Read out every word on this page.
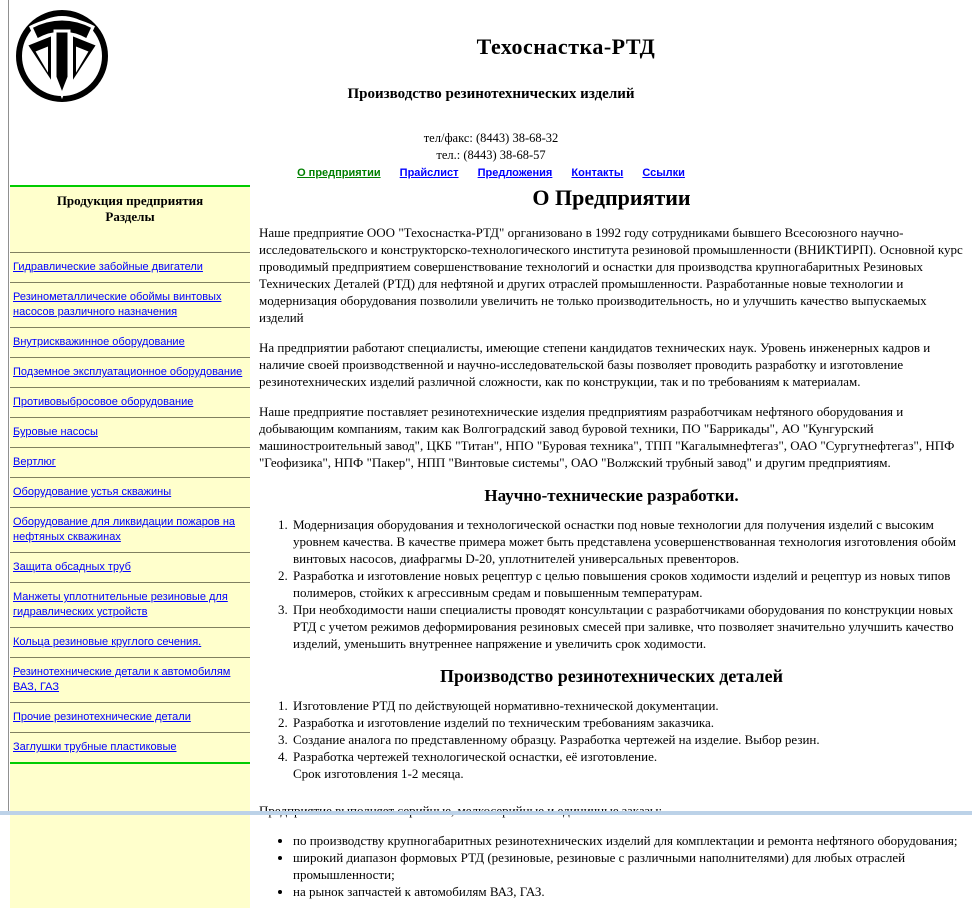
Техоснастка-РТД
Производство резинотехнических изделий
тел/факс: (8443) 38-68-32
тел.: (8443) 38-68-57
О предприятии Прайслист Предложения Контакты Ссылки
Продукция предприятия
Разделы
Гидравлические забойные двигатели
Резинометаллические обоймы винтовых насосов различного назначения
Внутрискважинное оборудование
Подземное эксплуатационное оборудование
Противовыбросовое оборудование
Буровые насосы
Вертлюг
Оборудование устья скважины
Оборудование для ликвидации пожаров на нефтяных скважинах
Защита обсадных труб
Манжеты уплотнительные резиновые для гидравлических устройств
Кольца резиновые круглого сечения.
Резинотехнические детали к автомобилям ВАЗ, ГАЗ
Прочие резинотехнические детали
Заглушки трубные пластиковые
О Предприятии

Наше предприятие ООО "Техоснастка-РТД" организовано в 1992 году сотрудниками бывшего Всесоюзного научно-исследовательского и конструкторско-технологического института резиновой промышленности (ВНИКТИРП). Основной курс проводимый предприятием совершенствование технологий и оснастки для производства крупногабаритных Резиновых Технических Деталей (РТД) для нефтяной и других отраслей промышленности. Разработанные новые технологии и модернизация оборудования позволили увеличить не только производительность, но и улучшить качество выпускаемых изделий

На предприятии работают специалисты, имеющие степени кандидатов технических наук. Уровень инженерных кадров и наличие своей производственной и научно-исследовательской базы позволяет проводить разработку и изготовление резинотехнических изделий различной сложности, как по конструкции, так и по требованиям к материалам.

Наше предприятие поставляет резинотехнические изделия предприятиям разработчикам нефтяного оборудования и добывающим компаниям, таким как Волгоградский завод буровой техники, ПО "Баррикады", АО "Кунгурский машиностроительный завод", ЦКБ "Титан", НПО "Буровая техника", ТПП "Кагалымнефтегаз", ОАО "Сургутнефтегаз", НПФ "Геофизика", НПФ "Пакер", НПП "Винтовые системы", ОАО "Волжский трубный завод" и другим предприятиям.

Научно-технические разработки.
1. Модернизация оборудования и технологической оснастки под новые технологии для получения изделий с высоким уровнем качества. В качестве примера может быть представлена усовершенствованная технология изготовления обойм винтовых насосов, диафрагмы D-20, уплотнителей универсальных превенторов.
2. Разработка и изготовление новых рецептур с целью повышения сроков ходимости изделий и рецептур из новых типов полимеров, стойких к агрессивным средам и повышенным температурам.
3. При необходимости наши специалисты проводят консультации с разработчиками оборудования по конструкции новых РТД с учетом режимов деформирования резиновых смесей при заливке, что позволяет значительно улучшить качество изделий, уменьшить внутреннее напряжение и увеличить срок ходимости.
Производство резинотехнических деталей
1. Изготовление РТД по действующей нормативно-технической документации.
2. Разработка и изготовление изделий по техническим требованиям заказчика.
3. Создание аналога по представленному образцу. Разработка чертежей на изделие. Выбор резин.
4. Разработка чертежей технологической оснастки, её изготовление.
Срок изготовления 1-2 месяца.

• по производству крупногабаритных резинотехнических изделий для комплектации и ремонта нефтяного оборудования;
• широкий диапазон формовых РТД (резиновые, резиновые с различными наполнителями) для любых отраслей промышленности;
• на рынок запчастей к автомобилям ВАЗ, ГАЗ.
